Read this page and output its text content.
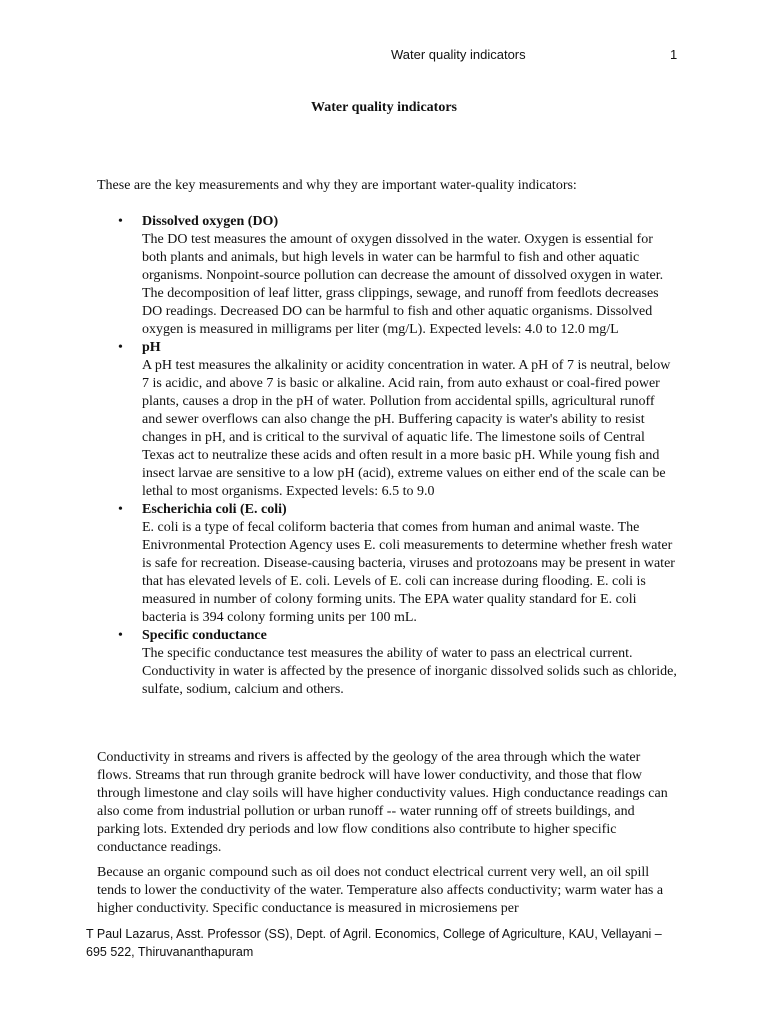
Water quality indicators	1
Water quality indicators

These are the key measurements and why they are important water-quality indicators:

• Dissolved oxygen (DO)
The DO test measures the amount of oxygen dissolved in the water. Oxygen is essential for both plants and animals, but high levels in water can be harmful to fish and other aquatic organisms. Nonpoint-source pollution can decrease the amount of dissolved oxygen in water. The decomposition of leaf litter, grass clippings, sewage, and runoff from feedlots decreases DO readings. Decreased DO can be harmful to fish and other aquatic organisms. Dissolved oxygen is measured in milligrams per liter (mg/L). Expected levels: 4.0 to 12.0 mg/L
• pH
A pH test measures the alkalinity or acidity concentration in water. A pH of 7 is neutral, below 7 is acidic, and above 7 is basic or alkaline. Acid rain, from auto exhaust or coal-fired power plants, causes a drop in the pH of water. Pollution from accidental spills, agricultural runoff and sewer overflows can also change the pH. Buffering capacity is water's ability to resist changes in pH, and is critical to the survival of aquatic life. The limestone soils of Central Texas act to neutralize these acids and often result in a more basic pH. While young fish and insect larvae are sensitive to a low pH (acid), extreme values on either end of the scale can be lethal to most organisms. Expected levels: 6.5 to 9.0
• Escherichia coli (E. coli)
E. coli is a type of fecal coliform bacteria that comes from human and animal waste. The Enivronmental Protection Agency uses E. coli measurements to determine whether fresh water is safe for recreation. Disease-causing bacteria, viruses and protozoans may be present in water that has elevated levels of E. coli. Levels of E. coli can increase during flooding. E. coli is measured in number of colony forming units. The EPA water quality standard for E. coli bacteria is 394 colony forming units per 100 mL.
• Specific conductance
The specific conductance test measures the ability of water to pass an electrical current. Conductivity in water is affected by the presence of inorganic dissolved solids such as chloride, sulfate, sodium, calcium and others.

Conductivity in streams and rivers is affected by the geology of the area through which the water flows. Streams that run through granite bedrock will have lower conductivity, and those that flow through limestone and clay soils will have higher conductivity values. High conductance readings can also come from industrial pollution or urban runoff -- water running off of streets buildings, and parking lots. Extended dry periods and low flow conditions also contribute to higher specific conductance readings.

Because an organic compound such as oil does not conduct electrical current very well, an oil spill tends to lower the conductivity of the water. Temperature also affects conductivity; warm water has a higher conductivity. Specific conductance is measured in microsiemens per

T Paul Lazarus, Asst. Professor (SS), Dept. of Agril. Economics, College of Agriculture, KAU, Vellayani – 695 522, Thiruvananthapuram
